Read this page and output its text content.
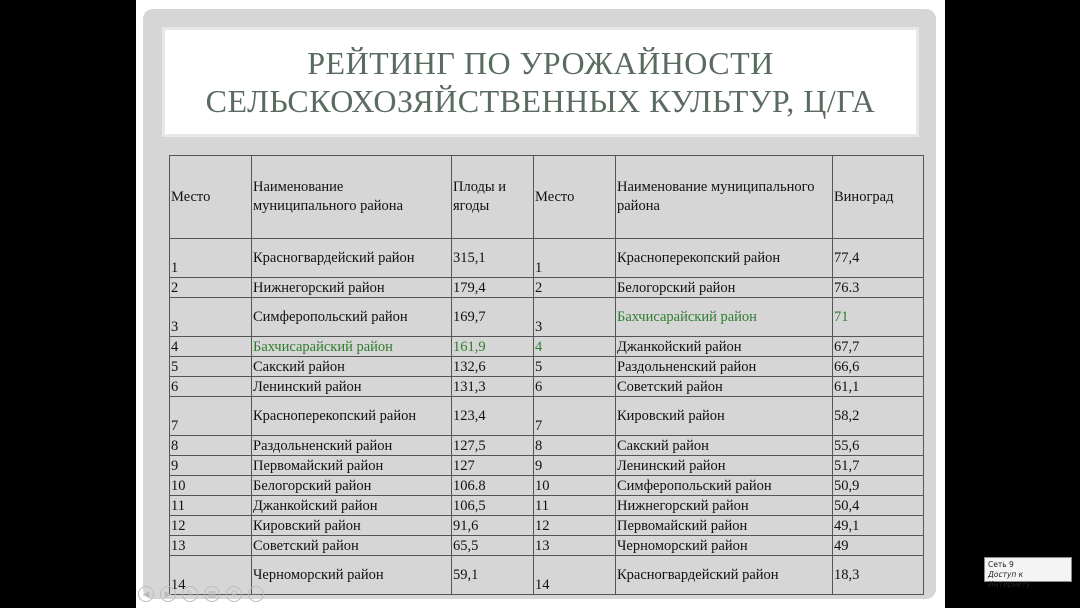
РЕЙТИНГ ПО УРОЖАЙНОСТИ
СЕЛЬСКОХОЗЯЙСТВЕННЫХ КУЛЬТУР, Ц/ГА
Место	Наименование муниципального района	Плоды и ягоды	Место	Наименование муниципального района	Виноград
1	Красногвардейский район	315,1	1	Красноперекопский район	77,4
2	Нижнегорский район	179,4	2	Белогорский район	76.3
3	Симферопольский район	169,7	3	Бахчисарайский район	71
4	Бахчисарайский район	161,9	4	Джанкойский район	67,7
5	Сакский район	132,6	5	Раздольненский район	66,6
6	Ленинский район	131,3	6	Советский район	61,1
7	Красноперекопский район	123,4	7	Кировский район	58,2
8	Раздольненский район	127,5	8	Сакский район	55,6
9	Первомайский район	127	9	Ленинский район	51,7
10	Белогорский район	106.8	10	Симферопольский район	50,9
11	Джанкойский район	106,5	11	Нижнегорский район	50,4
12	Кировский район	91,6	12	Первомайский район	49,1
13	Советский район	65,5	13	Черноморский район	49
14	Черноморский район	59,1	14	Красногвардейский район	18,3
◀	▶	✎	▦	⚲	⋯
Сеть 9
Доступ к Интернету
